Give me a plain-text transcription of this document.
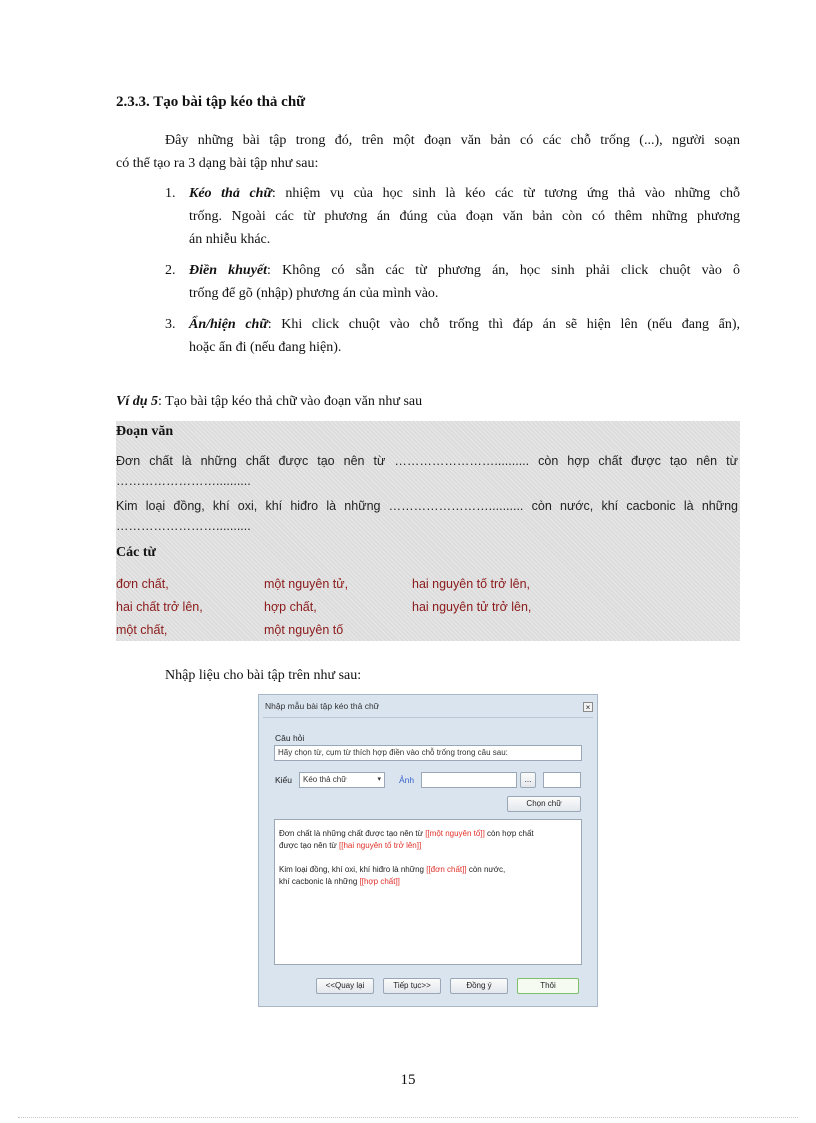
2.3.3. Tạo bài tập kéo thả chữ
Đây những bài tập trong đó, trên một đoạn văn bản có các chỗ trống (...), người soạn
có thể tạo ra 3 dạng bài tập như sau:
1. Kéo thả chữ: nhiệm vụ của học sinh là kéo các từ tương ứng thả vào những chỗ
trống. Ngoài các từ phương án đúng của đoạn văn bản còn có thêm những phương
án nhiễu khác.
2. Điền khuyết: Không có sẵn các từ phương án, học sinh phải click chuột vào ô
trống để gõ (nhập) phương án của mình vào.
3. Ẩn/hiện chữ: Khi click chuột vào chỗ trống thì đáp án sẽ hiện lên (nếu đang ẩn),
hoặc ẩn đi (nếu đang hiện).
Ví dụ 5: Tạo bài tập kéo thả chữ vào đoạn văn như sau
Đoạn văn
Đơn chất là những chất được tạo nên từ …………………….......... còn hợp chất được tạo nên từ
……………………..........
Kim loại đồng, khí oxi, khí hiđro là những …………………….......... còn nước, khí cacbonic là những
……………………..........
Các từ
đơn chất,	một nguyên tử,	hai nguyên tố trở lên,
hai chất trở lên,	hợp chất,	hai nguyên tử trở lên,
một chất,	một nguyên tố
Nhập liệu cho bài tập trên như sau:
Nhập mẫu bài tập kéo thả chữ	×
Câu hỏi
Hãy chọn từ, cụm từ thích hợp điền vào chỗ trống trong câu sau:
Kiểu	Kéo thả chữ	▾ Ảnh	...
Chọn chữ
Đơn chất là những chất được tạo nên từ [[một nguyên tố]] còn hợp chất
được tạo nên từ [[hai nguyên tố trở lên]]

Kim loại đồng, khí oxi, khí hiđro là những [[đơn chất]] còn nước,
khí cacbonic là những [[hợp chất]]
<<Quay lại	Tiếp tục>>	Đồng ý	Thôi
15
